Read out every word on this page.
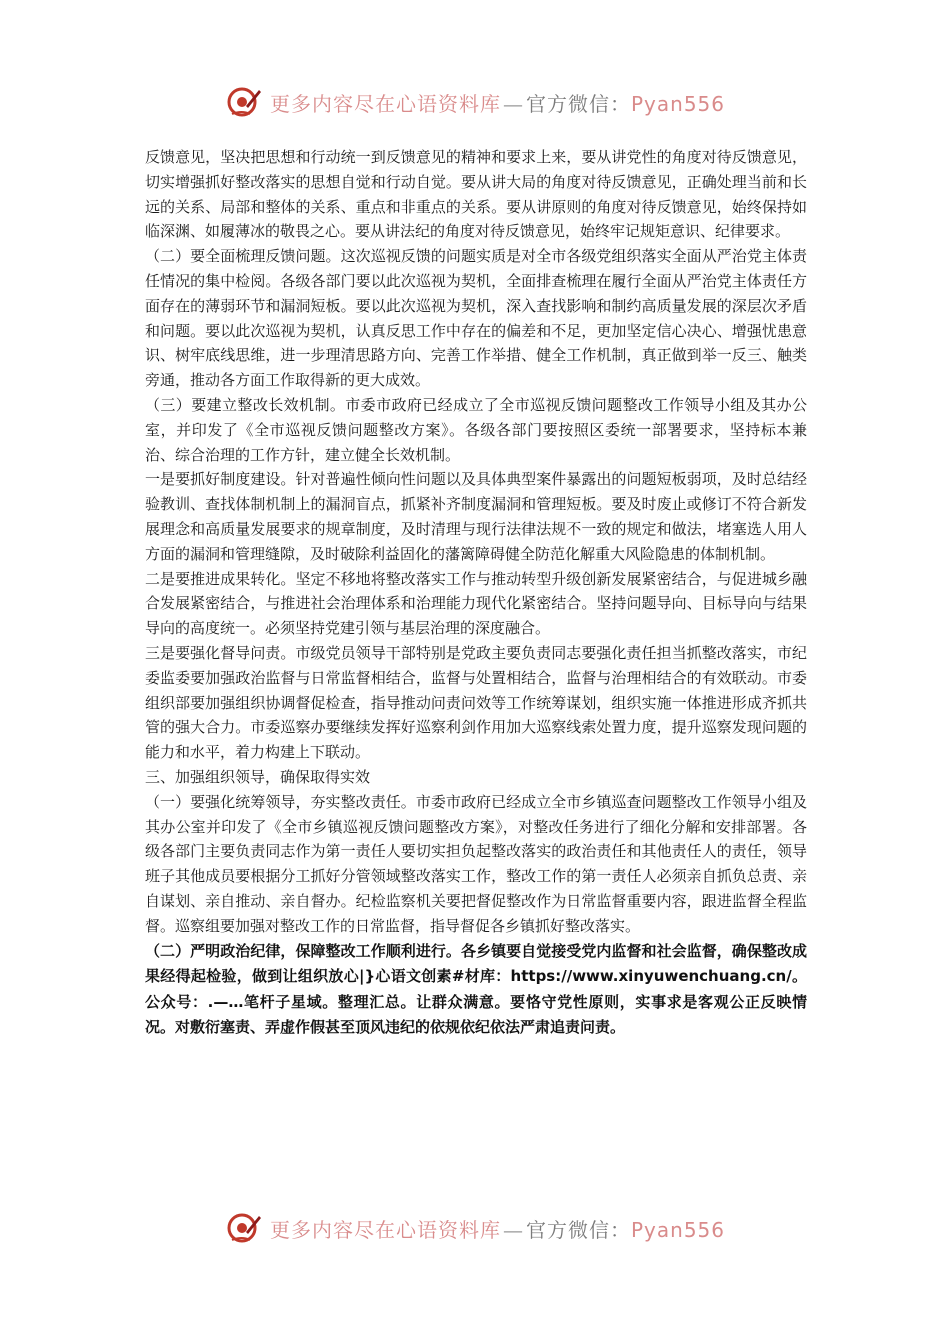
更多内容尽在心语资料库 — 官方微信：Pyan556

反馈意见，坚决把思想和行动统一到反馈意见的精神和要求上来，要从讲党性的角度对待反馈意见，切实增强抓好整改落实的思想自觉和行动自觉。要从讲大局的角度对待反馈意见，正确处理当前和长远的关系、局部和整体的关系、重点和非重点的关系。要从讲原则的角度对待反馈意见，始终保持如临深渊、如履薄冰的敬畏之心。要从讲法纪的角度对待反馈意见，始终牢记规矩意识、纪律要求。

（二）要全面梳理反馈问题。这次巡视反馈的问题实质是对全市各级党组织落实全面从严治党主体责任情况的集中检阅。各级各部门要以此次巡视为契机，全面排查梳理在履行全面从严治党主体责任方面存在的薄弱环节和漏洞短板。要以此次巡视为契机，深入查找影响和制约高质量发展的深层次矛盾和问题。要以此次巡视为契机，认真反思工作中存在的偏差和不足，更加坚定信心决心、增强忧患意识、树牢底线思维，进一步理清思路方向、完善工作举措、健全工作机制，真正做到举一反三、触类旁通，推动各方面工作取得新的更大成效。

（三）要建立整改长效机制。市委市政府已经成立了全市巡视反馈问题整改工作领导小组及其办公室，并印发了《全市巡视反馈问题整改方案》。各级各部门要按照区委统一部署要求，坚持标本兼治、综合治理的工作方针，建立健全长效机制。

一是要抓好制度建设。针对普遍性倾向性问题以及具体典型案件暴露出的问题短板弱项，及时总结经验教训、查找体制机制上的漏洞盲点，抓紧补齐制度漏洞和管理短板。要及时废止或修订不符合新发展理念和高质量发展要求的规章制度，及时清理与现行法律法规不一致的规定和做法，堵塞选人用人方面的漏洞和管理缝隙，及时破除利益固化的藩篱障碍健全防范化解重大风险隐患的体制机制。

二是要推进成果转化。坚定不移地将整改落实工作与推动转型升级创新发展紧密结合，与促进城乡融合发展紧密结合，与推进社会治理体系和治理能力现代化紧密结合。坚持问题导向、目标导向与结果导向的高度统一。必须坚持党建引领与基层治理的深度融合。

三是要强化督导问责。市级党员领导干部特别是党政主要负责同志要强化责任担当抓整改落实，市纪委监委要加强政治监督与日常监督相结合，监督与处置相结合，监督与治理相结合的有效联动。市委组织部要加强组织协调督促检查，指导推动问责问效等工作统筹谋划，组织实施一体推进形成齐抓共管的强大合力。市委巡察办要继续发挥好巡察利剑作用加大巡察线索处置力度，提升巡察发现问题的能力和水平，着力构建上下联动。

三、加强组织领导，确保取得实效

（一）要强化统筹领导，夯实整改责任。市委市政府已经成立全市乡镇巡查问题整改工作领导小组及其办公室并印发了《全市乡镇巡视反馈问题整改方案》，对整改任务进行了细化分解和安排部署。各级各部门主要负责同志作为第一责任人要切实担负起整改落实的政治责任和其他责任人的责任，领导班子其他成员要根据分工抓好分管领域整改落实工作，整改工作的第一责任人必须亲自抓负总责、亲自谋划、亲自推动、亲自督办。纪检监察机关要把督促整改作为日常监督重要内容，跟进监督全程监督。巡察组要加强对整改工作的日常监督，指导督促各乡镇抓好整改落实。

（二）严明政治纪律，保障整改工作顺利进行。各乡镇要自觉接受党内监督和社会监督，确保整改成果经得起检验，做到让组织放心|}心语文创素#材库：https://www.xinyuwenchuang.cn/。公众号：.—…笔杆子星域。整理汇总。让群众满意。要恪守党性原则，实事求是客观公正反映情况。对敷衍塞责、弄虚作假甚至顶风违纪的依规依纪依法严肃追责问责。

更多内容尽在心语资料库 — 官方微信：Pyan556
